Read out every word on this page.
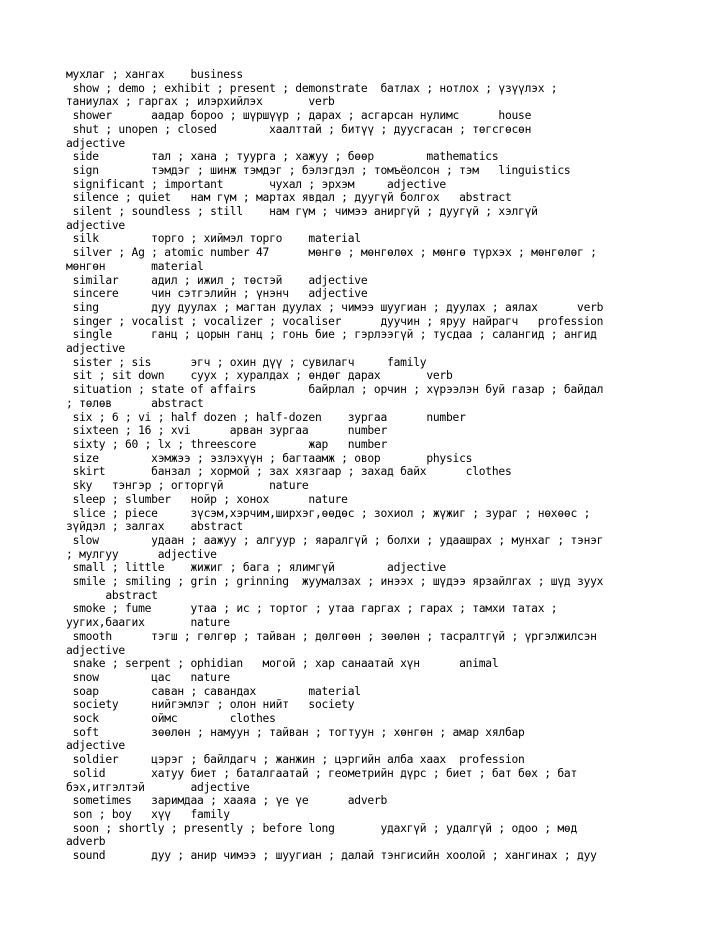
мухлаг ; хангах    business
show ; demo ; exhibit ; present ; demonstrate  батлах ; нотлох ; үзүүлэх ;
таниулах ; гаргах ; илэрхийлэх       verb
shower      аадар бороо ; шүршүүр ; дарах ; асгарсан нулимс      house
shut ; unopen ; closed        хаалттай ; битүү ; дуусгасан ; төгсгөсөн
adjective
side        тал ; хана ; туурга ; хажуу ; бөөр        mathematics
sign        тэмдэг ; шинж тэмдэг ; бэлэгдэл ; томъёолсон ; тэм   linguistics
significant ; important       чухал ; эрхэм     adjective
silence ; quiet   нам гүм ; мартах явдал ; дуугүй болгох   abstract
silent ; soundless ; still    нам гүм ; чимээ аниргүй ; дуугүй ; хэлгүй
adjective
silk        торго ; хиймэл торго    material
silver ; Ag ; atomic number 47      мөнгө ; мөнгөлөх ; мөнгө түрхэх ; мөнгөлөг ;
мөнгөн       material
similar     адил ; ижил ; төстэй    adjective
sincere     чин сэтгэлийн ; үнэнч   adjective
sing        дуу дуулах ; магтан дуулах ; чимээ шуугиан ; дуулах ; аялах      verb
singer ; vocalist ; vocalizer ; vocaliser      дуучин ; яруу найрагч   profession
single      ганц ; цорын ганц ; гонь бие ; гэрлээгүй ; тусдаа ; салангид ; ангид
adjective
sister ; sis      эгч ; охин дүү ; сувилагч     family
sit ; sit down    суух ; хуралдах ; өндөг дарах       verb
situation ; state of affairs        байрлал ; орчин ; хүрээлэн буй газар ; байдал
; төлөв      abstract
six ; 6 ; vi ; half dozen ; half-dozen    зургаа      number
sixteen ; 16 ; xvi      арван зургаа      number
sixty ; 60 ; lx ; threescore        жар   number
size        хэмжээ ; эзлэхүүн ; багтаамж ; овор       physics
skirt       банзал ; хормой ; зах хязгаар ; захад байх      clothes
sky   тэнгэр ; огторгүй       nature
sleep ; slumber   нойр ; хонох      nature
slice ; piece     зүсэм,хэрчим,ширхэг,өөдөс ; зохиол ; жүжиг ; зураг ; нөхөөс ;
зүйдэл ; залгах    abstract
slow        удаан ; аажуу ; алгуур ; яаралгүй ; болхи ; удаашрах ; мунхаг ; тэнэг
; мулгуу      adjective
small ; little    жижиг ; бага ; ялимгүй        adjective
smile ; smiling ; grin ; grinning  жуумалзах ; инээх ; шүдээ ярзайлгах ; шүд зуух
abstract
smoke ; fume      утаа ; ис ; тортог ; утаа гаргах ; гарах ; тамхи татах ;
уугих,баагих       nature
smooth      тэгш ; гөлгөр ; тайван ; дөлгөөн ; зөөлөн ; тасралтгүй ; үргэлжилсэн
adjective
snake ; serpent ; ophidian   могой ; хар санаатай хүн      animal
snow        цас   nature
soap        саван ; савандах        material
society     нийгэмлэг ; олон нийт   society
sock        оймс        clothes
soft        зөөлөн ; намуун ; тайван ; тогтуун ; хөнгөн ; амар хялбар
adjective
soldier     цэрэг ; байлдагч ; жанжин ; цэргийн алба хаах  profession
solid       хатуу биет ; баталгаатай ; геометрийн дүрс ; биет ; бат бөх ; бат
бэх,итгэлтэй       adjective
sometimes   заримдаа ; хааяа ; үе үе      adverb
son ; boy   хүү   family
soon ; shortly ; presently ; before long       удахгүй ; удалгүй ; одоо ; мөд
adverb
sound       дуу ; анир чимээ ; шуугиан ; далай тэнгисийн хоолой ; хангинах ; дуу
